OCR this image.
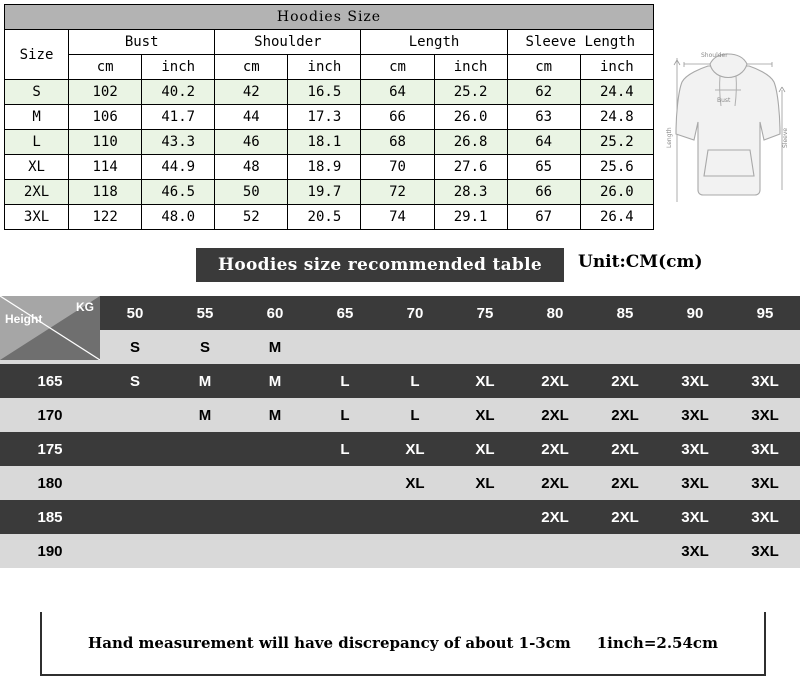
Hoodies Size								
Size	Bust		Shoulder		Length		Sleeve Length	
	cm	inch	cm	inch	cm	inch	cm	inch
S	102	40.2	42	16.5	64	25.2	62	24.4
M	106	41.7	44	17.3	66	26.0	63	24.8
L	110	43.3	46	18.1	68	26.8	64	25.2
XL	114	44.9	48	18.9	70	27.6	65	25.6
2XL	118	46.5	50	19.7	72	28.3	66	26.0
3XL	122	48.0	52	20.5	74	29.1	67	26.4
Shoulder
Length	Sleeve
Bust
Hoodies size recommended table	Unit:CM(cm)
KG
Height	50	55	60	65	70	75	80	85	90	95
	S	S	M							
165	S	M	M	L	L	XL	2XL	2XL	3XL	3XL
170		M	M	L	L	XL	2XL	2XL	3XL	3XL
175				L	XL	XL	2XL	2XL	3XL	3XL
180					XL	XL	2XL	2XL	3XL	3XL
185							2XL	2XL	3XL	3XL
190									3XL	3XL
Hand measurement will have discrepancy of about 1-3cm 1inch=2.54cm
